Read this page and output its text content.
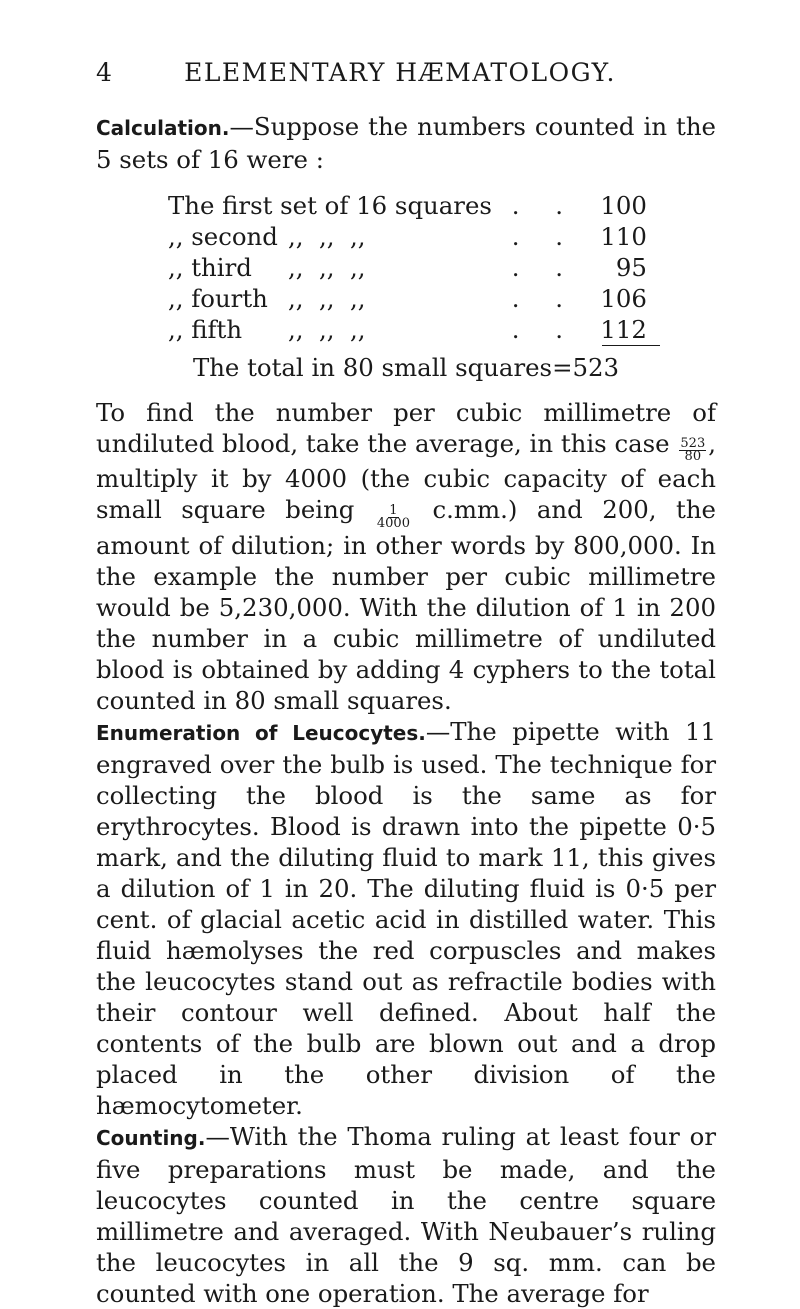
4	ELEMENTARY HÆMATOLOGY.

Calculation.—Suppose the numbers counted in the 5 sets of 16 were :

The first set of 16 squares		. .	100
,, second	,,  ,,  ,,	. .	110
,, third	,,  ,,  ,,	. .	95
,, fourth	,,  ,,  ,,	. .	106
,, fifth	,,  ,,  ,,	. .	112
The total in 80 small squares=523

To find the number per cubic millimetre of undiluted blood, take the average, in this case $\frac{523}{80}$ , multiply it by 4000 (the cubic capacity of each small square being $\frac{1}{4000} c.mm$.) and 200, the amount of dilution; in other words by 800,000. In the example the number per cubic millimetre would be 5,230,000. With the dilution of 1 in 200 the number in a cubic millimetre of undiluted blood is obtained by adding 4 cyphers to the total counted in 80 small squares.

Enumeration of Leucocytes.—The pipette with 11 engraved over the bulb is used. The technique for collecting the blood is the same as for erythrocytes. Blood is drawn into the pipette 0·5 mark, and the diluting fluid to mark 11, this gives a dilution of 1 in 20. The diluting fluid is 0·5 per cent. of glacial acetic acid in distilled water. This fluid hæmolyses the red corpuscles and makes the leucocytes stand out as refractile bodies with their contour well defined. About half the contents of the bulb are blown out and a drop placed in the other division of the hæmocytometer.

Counting.—With the Thoma ruling at least four or five preparations must be made, and the leucocytes counted in the centre square millimetre and averaged. With Neubauer’s ruling the leucocytes in all the 9 sq. mm. can be counted with one operation. The average for
